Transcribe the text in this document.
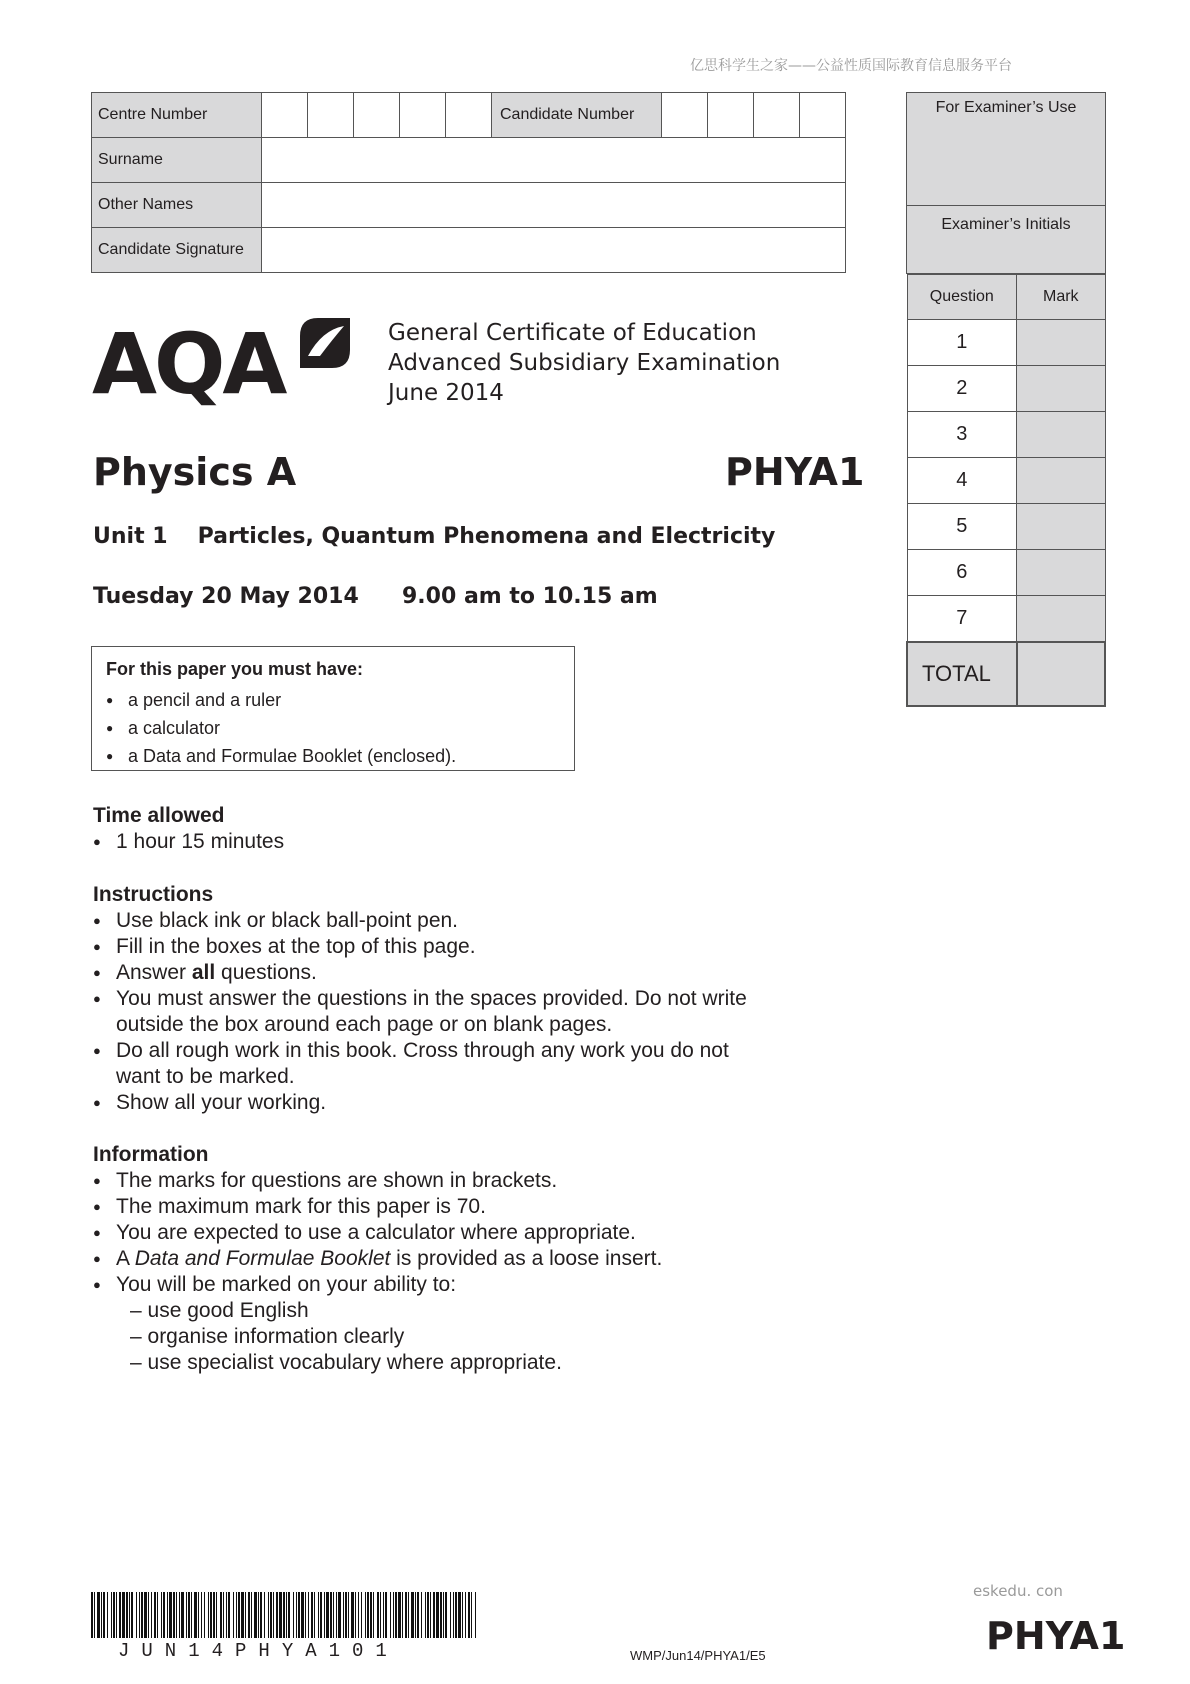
亿思科学生之家——公益性质国际教育信息服务平台
Centre Number						Candidate Number				
Surname										
Other Names										
Candidate Signature										
For Examiner’s Use
Examiner’s Initials
Question	Mark
1	
2	
3	
4	
5	
6	
7	
TOTAL	
AQA	General Certificate of Education
Advanced Subsidiary Examination
June 2014
Physics A	PHYA1
Unit 1 Particles, Quantum Phenomena and Electricity
Tuesday 20 May 2014 9.00 am to 10.15 am
For this paper you must have:
● a pencil and a ruler
● a calculator
● a Data and Formulae Booklet (enclosed).
Time allowed
● 1 hour 15 minutes
Instructions
● Use black ink or black ball-point pen.
● Fill in the boxes at the top of this page.
● Answer all questions.
● You must answer the questions in the spaces provided. Do not write
outside the box around each page or on blank pages.
● Do all rough work in this book. Cross through any work you do not
want to be marked.
● Show all your working.
Information
● The marks for questions are shown in brackets.
● The maximum mark for this paper is 70.
● You are expected to use a calculator where appropriate.
● A Data and Formulae Booklet is provided as a loose insert.
● You will be marked on your ability to:
– use good English
– organise information clearly
– use specialist vocabulary where appropriate.
JUN14PHYA101	WMP/Jun14/PHYA1/E5
eskedu. con
PHYA1
